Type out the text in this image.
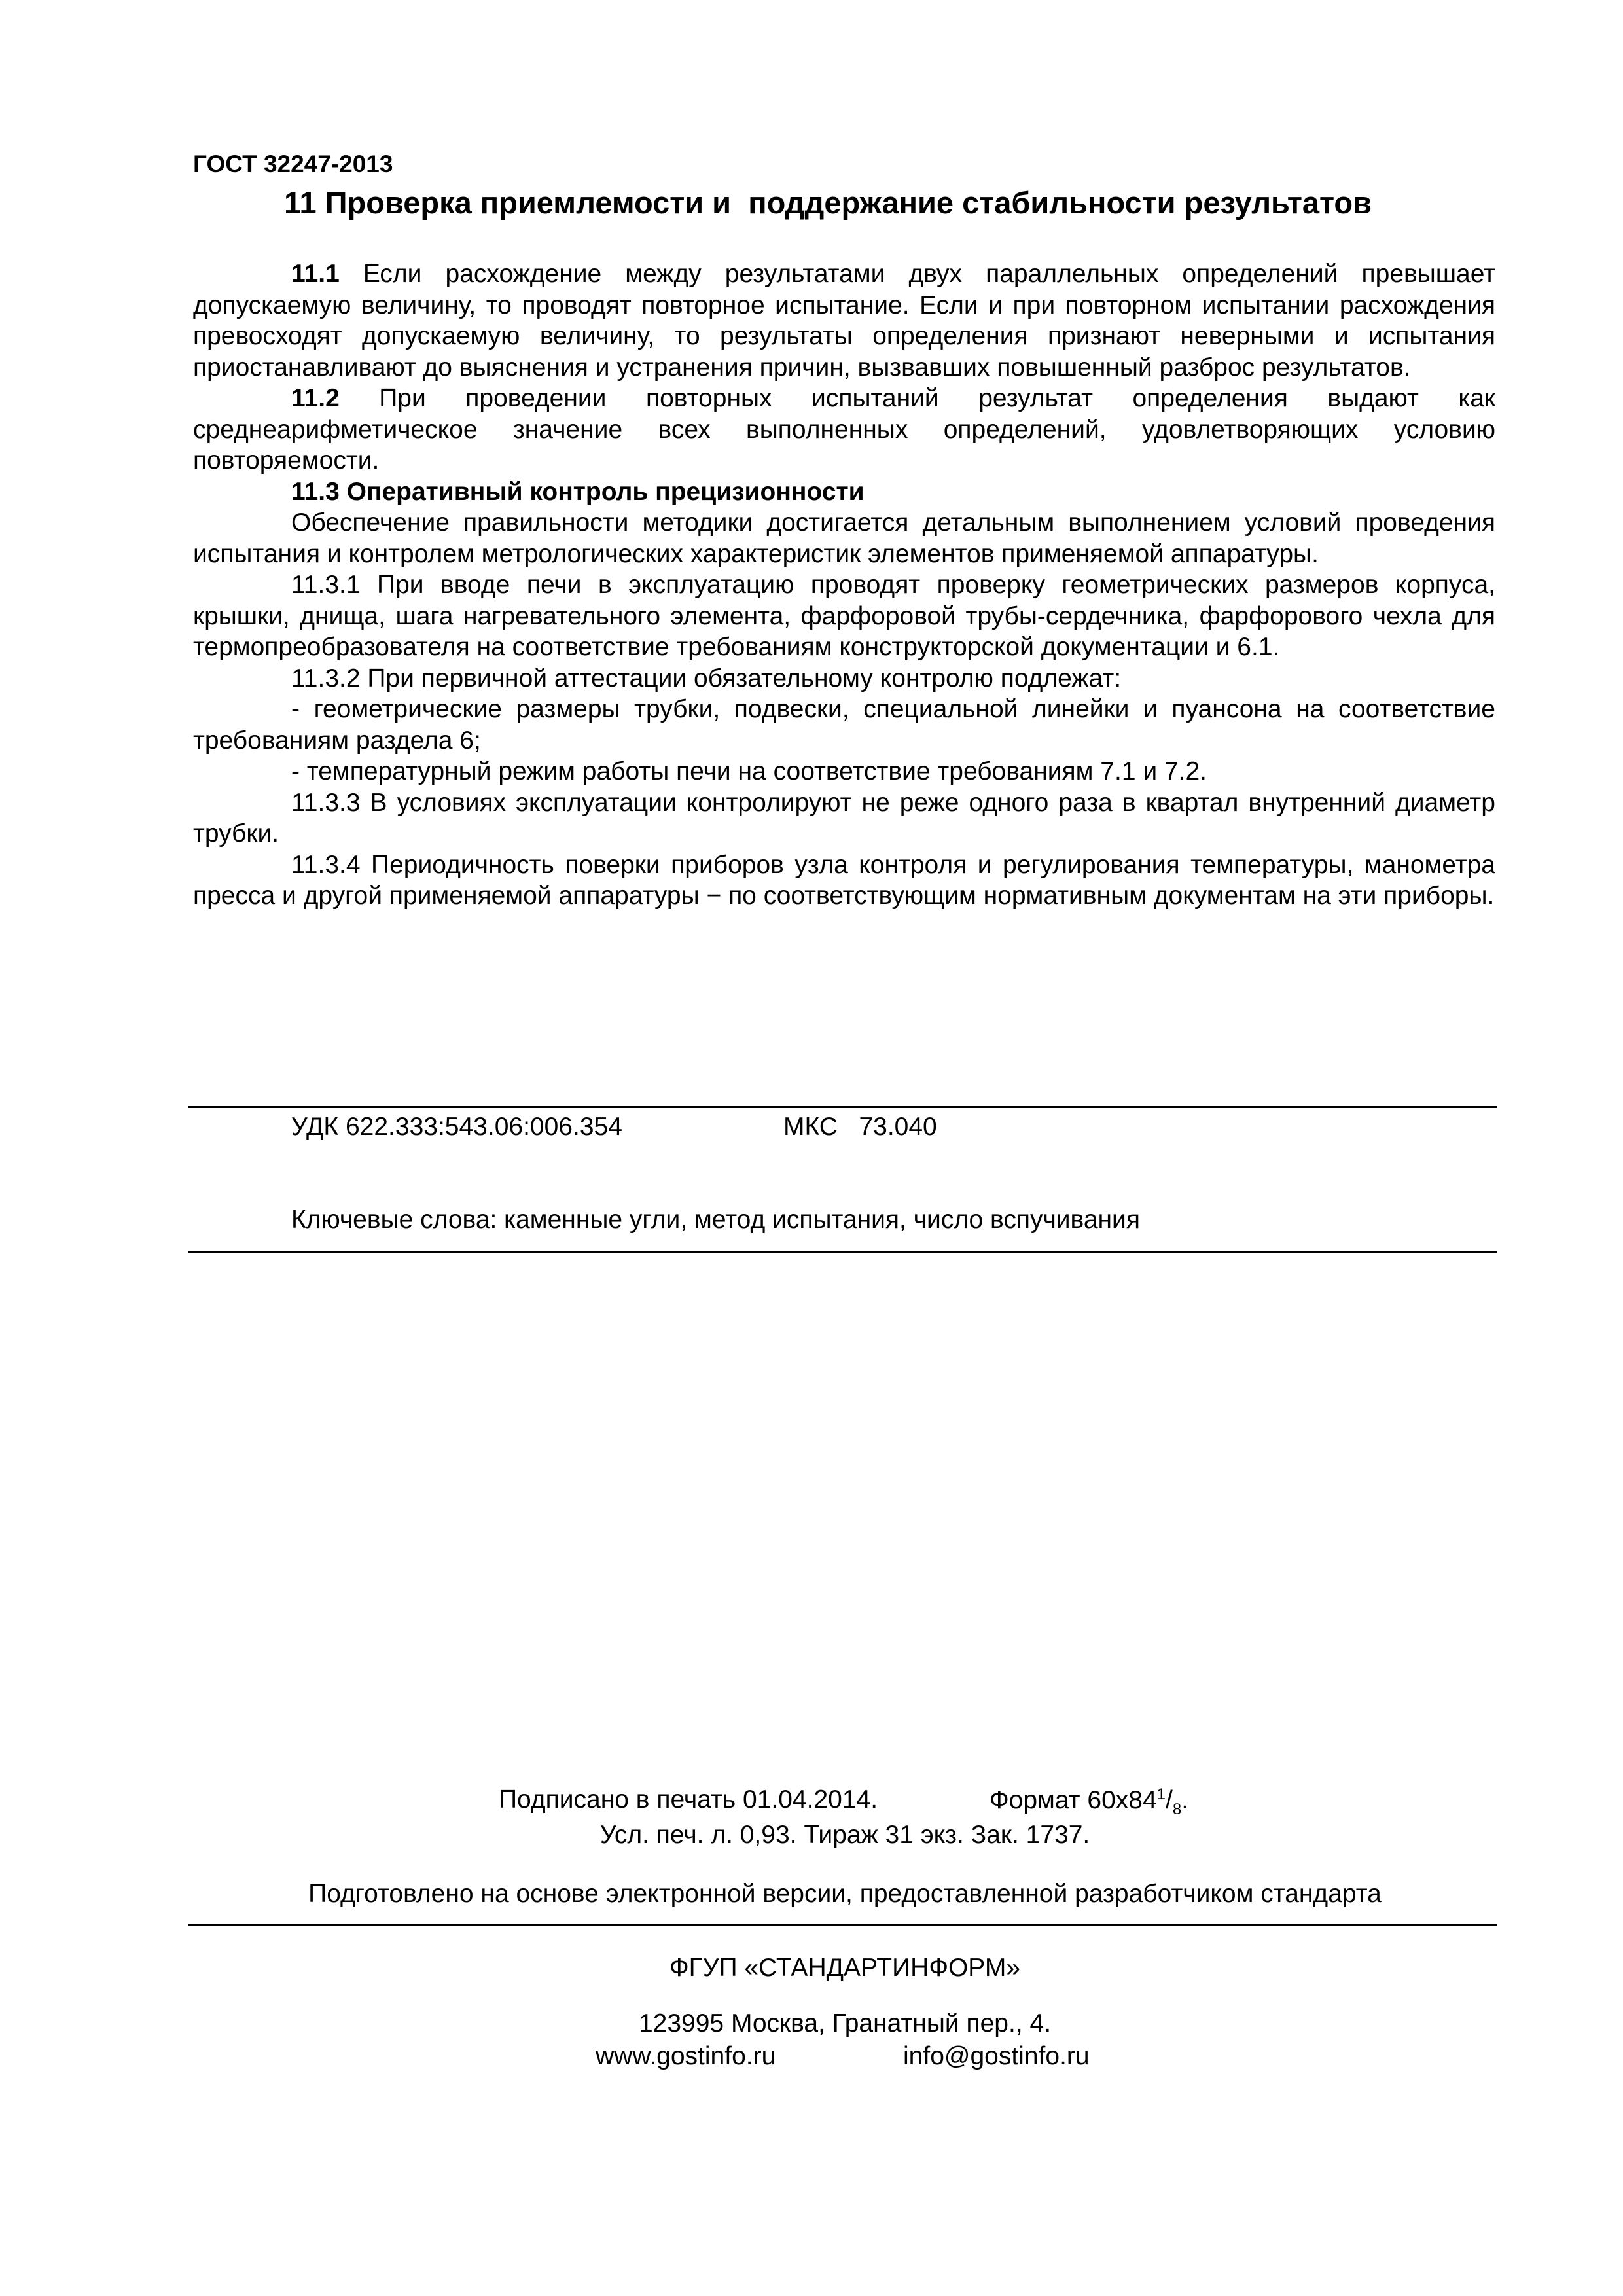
ГОСТ 32247-2013

11 Проверка приемлемости и  поддержание стабильности результатов

11.1 Если расхождение между результатами двух параллельных определений превышает допускаемую величину, то проводят повторное испытание. Если и при повторном испытании расхождения превосходят допускаемую величину, то результаты определения признают неверными и испытания приостанавливают до выяснения и устранения причин, вызвавших повышенный разброс результатов.

11.2 При проведении повторных испытаний результат определения выдают как среднеарифметическое значение всех выполненных определений, удовлетворяющих условию повторяемости.

11.3 Оперативный контроль прецизионности

Обеспечение правильности методики достигается детальным выполнением условий проведения испытания и контролем метрологических характеристик элементов применяемой аппаратуры.

11.3.1 При вводе печи в эксплуатацию проводят проверку геометрических размеров корпуса, крышки, днища, шага нагревательного элемента, фарфоровой трубы-сердечника, фарфорового чехла для термопреобразователя на соответствие требованиям конструкторской документации и 6.1.

11.3.2 При первичной аттестации обязательному контролю подлежат:

- геометрические размеры трубки, подвески, специальной линейки и пуансона на соответствие требованиям раздела 6;

- температурный режим работы печи на соответствие требованиям 7.1 и 7.2.

11.3.3 В условиях эксплуатации контролируют не реже одного раза в квартал внутренний диаметр трубки.

11.3.4 Периодичность поверки приборов узла контроля и регулирования температуры, манометра пресса и другой применяемой аппаратуры − по соответствующим нормативным документам на эти приборы.

УДК 622.333:543.06:006.354	МКС   73.040
Ключевые слова: каменные угли, метод испытания, число вспучивания
Подписано в печать 01.04.2014.	Формат $60x84^1/_8$.
Усл. печ. л. 0,93. Тираж 31 экз. Зак. 1737.
Подготовлено на основе электронной версии, предоставленной разработчиком стандарта
ФГУП «СТАНДАРТИНФОРМ»
123995 Москва, Гранатный пер., 4.
www.gostinfo.ru	info@gostinfo.ru
